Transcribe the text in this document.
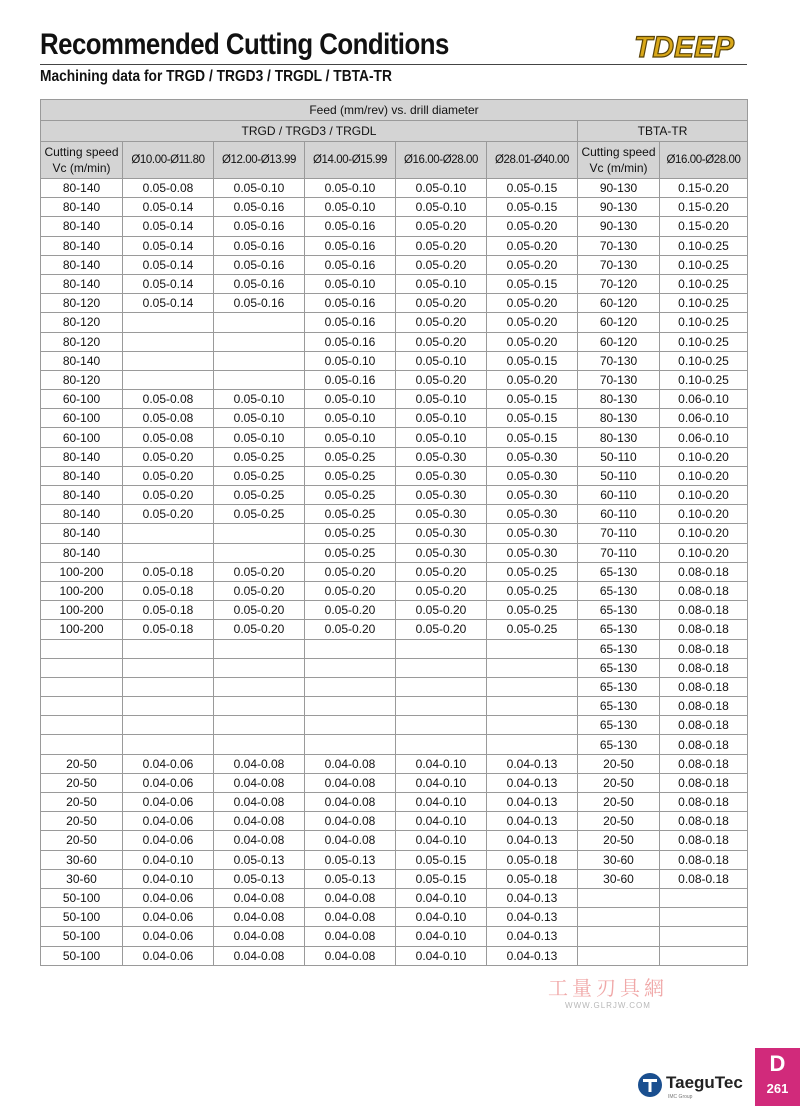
Recommended Cutting Conditions
Machining data for TRGD / TRGD3 / TRGDL / TBTA-TR
TDEEP
Feed (mm/rev) vs. drill diameter							
TRGD / TRGD3 / TRGDL						TBTA-TR	
Cutting speed Vc (m/min)	Ø10.00-Ø11.80	Ø12.00-Ø13.99	Ø14.00-Ø15.99	Ø16.00-Ø28.00	Ø28.01-Ø40.00	Cutting speed Vc (m/min)	Ø16.00-Ø28.00
80-140	0.05-0.08	0.05-0.10	0.05-0.10	0.05-0.10	0.05-0.15	90-130	0.15-0.20
80-140	0.05-0.14	0.05-0.16	0.05-0.10	0.05-0.10	0.05-0.15	90-130	0.15-0.20
80-140	0.05-0.14	0.05-0.16	0.05-0.16	0.05-0.20	0.05-0.20	90-130	0.15-0.20
80-140	0.05-0.14	0.05-0.16	0.05-0.16	0.05-0.20	0.05-0.20	70-130	0.10-0.25
80-140	0.05-0.14	0.05-0.16	0.05-0.16	0.05-0.20	0.05-0.20	70-130	0.10-0.25
80-140	0.05-0.14	0.05-0.16	0.05-0.10	0.05-0.10	0.05-0.15	70-120	0.10-0.25
80-120	0.05-0.14	0.05-0.16	0.05-0.16	0.05-0.20	0.05-0.20	60-120	0.10-0.25
80-120			0.05-0.16	0.05-0.20	0.05-0.20	60-120	0.10-0.25
80-120			0.05-0.16	0.05-0.20	0.05-0.20	60-120	0.10-0.25
80-140			0.05-0.10	0.05-0.10	0.05-0.15	70-130	0.10-0.25
80-120			0.05-0.16	0.05-0.20	0.05-0.20	70-130	0.10-0.25
60-100	0.05-0.08	0.05-0.10	0.05-0.10	0.05-0.10	0.05-0.15	80-130	0.06-0.10
60-100	0.05-0.08	0.05-0.10	0.05-0.10	0.05-0.10	0.05-0.15	80-130	0.06-0.10
60-100	0.05-0.08	0.05-0.10	0.05-0.10	0.05-0.10	0.05-0.15	80-130	0.06-0.10
80-140	0.05-0.20	0.05-0.25	0.05-0.25	0.05-0.30	0.05-0.30	50-110	0.10-0.20
80-140	0.05-0.20	0.05-0.25	0.05-0.25	0.05-0.30	0.05-0.30	50-110	0.10-0.20
80-140	0.05-0.20	0.05-0.25	0.05-0.25	0.05-0.30	0.05-0.30	60-110	0.10-0.20
80-140	0.05-0.20	0.05-0.25	0.05-0.25	0.05-0.30	0.05-0.30	60-110	0.10-0.20
80-140			0.05-0.25	0.05-0.30	0.05-0.30	70-110	0.10-0.20
80-140			0.05-0.25	0.05-0.30	0.05-0.30	70-110	0.10-0.20
100-200	0.05-0.18	0.05-0.20	0.05-0.20	0.05-0.20	0.05-0.25	65-130	0.08-0.18
100-200	0.05-0.18	0.05-0.20	0.05-0.20	0.05-0.20	0.05-0.25	65-130	0.08-0.18
100-200	0.05-0.18	0.05-0.20	0.05-0.20	0.05-0.20	0.05-0.25	65-130	0.08-0.18
100-200	0.05-0.18	0.05-0.20	0.05-0.20	0.05-0.20	0.05-0.25	65-130	0.08-0.18
						65-130	0.08-0.18
						65-130	0.08-0.18
						65-130	0.08-0.18
						65-130	0.08-0.18
						65-130	0.08-0.18
						65-130	0.08-0.18
20-50	0.04-0.06	0.04-0.08	0.04-0.08	0.04-0.10	0.04-0.13	20-50	0.08-0.18
20-50	0.04-0.06	0.04-0.08	0.04-0.08	0.04-0.10	0.04-0.13	20-50	0.08-0.18
20-50	0.04-0.06	0.04-0.08	0.04-0.08	0.04-0.10	0.04-0.13	20-50	0.08-0.18
20-50	0.04-0.06	0.04-0.08	0.04-0.08	0.04-0.10	0.04-0.13	20-50	0.08-0.18
20-50	0.04-0.06	0.04-0.08	0.04-0.08	0.04-0.10	0.04-0.13	20-50	0.08-0.18
30-60	0.04-0.10	0.05-0.13	0.05-0.13	0.05-0.15	0.05-0.18	30-60	0.08-0.18
30-60	0.04-0.10	0.05-0.13	0.05-0.13	0.05-0.15	0.05-0.18	30-60	0.08-0.18
50-100	0.04-0.06	0.04-0.08	0.04-0.08	0.04-0.10	0.04-0.13		
50-100	0.04-0.06	0.04-0.08	0.04-0.08	0.04-0.10	0.04-0.13		
50-100	0.04-0.06	0.04-0.08	0.04-0.08	0.04-0.10	0.04-0.13		
50-100	0.04-0.06	0.04-0.08	0.04-0.08	0.04-0.10	0.04-0.13		
工量刃具網
WWW.GLRJW.COM
TaeguTec
IMC Group
D
261
